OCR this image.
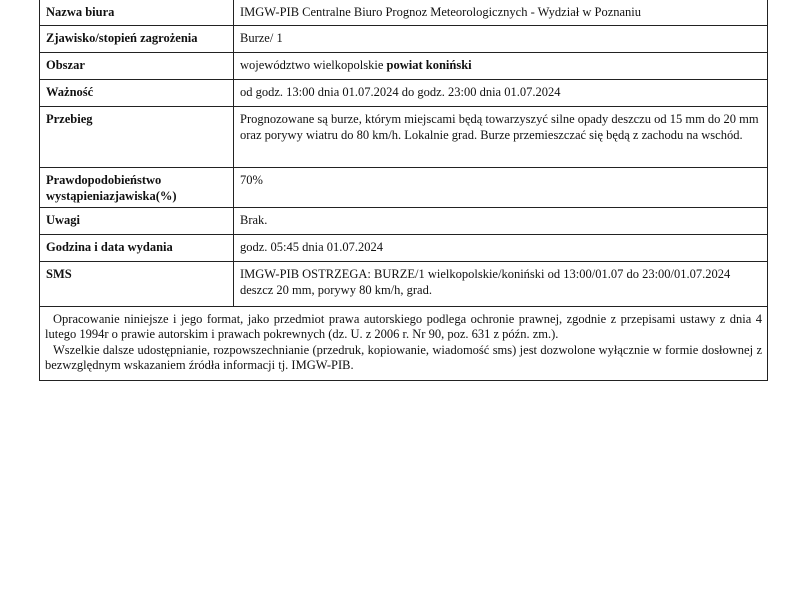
Nazwa biura	IMGW-PIB Centralne Biuro Prognoz Meteorologicznych - Wydział w Poznaniu
Zjawisko/stopień zagrożenia	Burze/ 1
Obszar	województwo wielkopolskie powiat koniński
Ważność	od godz. 13:00 dnia 01.07.2024 do godz. 23:00 dnia 01.07.2024
Przebieg	Prognozowane są burze, którym miejscami będą towarzyszyć silne opady deszczu od 15 mm do 20 mm oraz porywy wiatru do 80 km/h. Lokalnie grad. Burze przemieszczać się będą z zachodu na wschód.
Prawdopodobieństwo wystąpieniazjawiska(%)	70%
Uwagi	Brak.
Godzina i data wydania	godz. 05:45 dnia 01.07.2024
SMS	IMGW-PIB OSTRZEGA: BURZE/1 wielkopolskie/koniński od 13:00/01.07 do 23:00/01.07.2024 deszcz 20 mm, porywy 80 km/h, grad.

Opracowanie niniejsze i jego format, jako przedmiot prawa autorskiego podlega ochronie prawnej, zgodnie z przepisami ustawy z dnia 4 lutego 1994r o prawie autorskim i prawach pokrewnych (dz. U. z 2006 r. Nr 90, poz. 631 z późn. zm.).

Wszelkie dalsze udostępnianie, rozpowszechnianie (przedruk, kopiowanie, wiadomość sms) jest dozwolone wyłącznie w formie dosłownej z bezwzględnym wskazaniem źródła informacji tj. IMGW-PIB.
